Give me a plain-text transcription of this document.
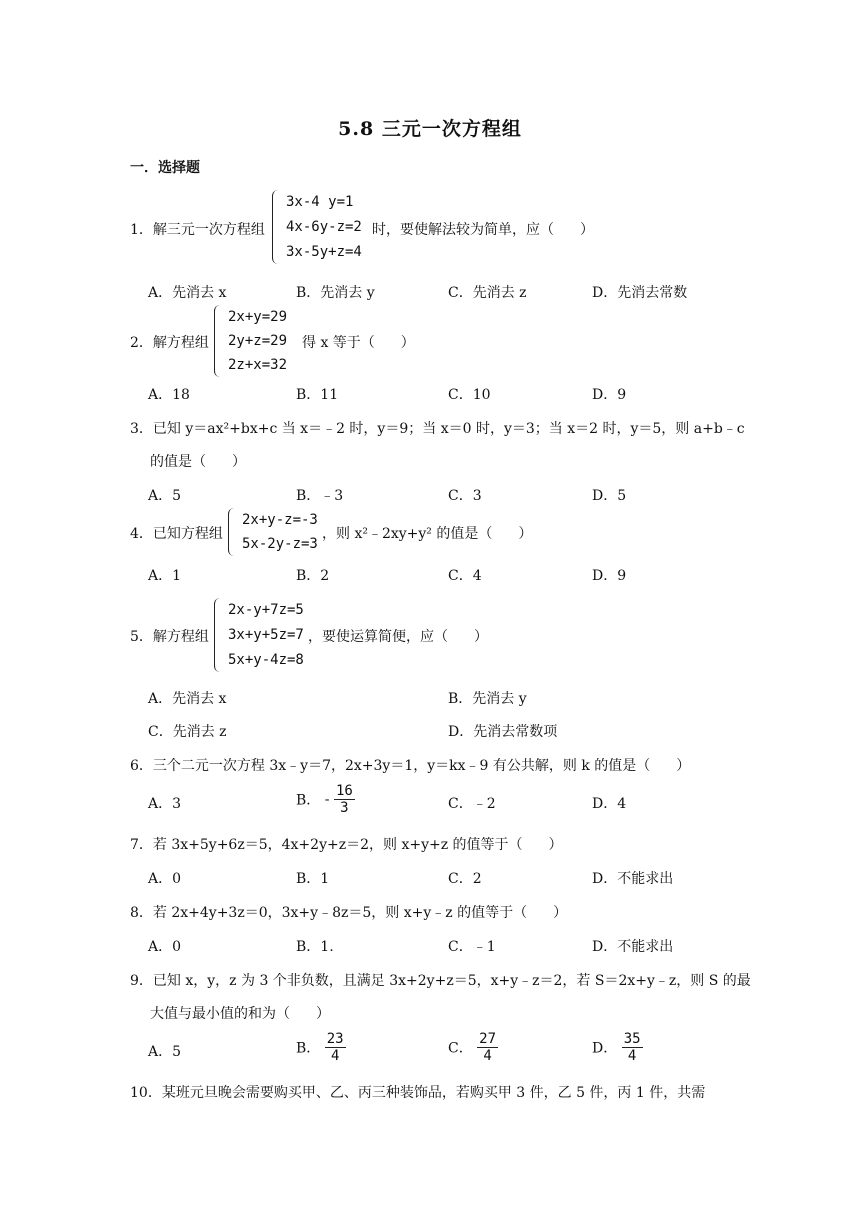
5.8 三元一次方程组
一．选择题
1．解三元一次方程组
3x-4 y=1
4x-6y-z=2
3x-5y+z=4
时，要使解法较为简单，应（ ）
A．先消去 x	B．先消去 y	C．先消去 z	D．先消去常数
2．解方程组
2x+y=29
2y+z=29
2z+x=32
得 x 等于（ ）
A．18	B．11	C．10	D．9
3．已知 y＝ax²+bx+c 当 x＝﹣2 时，y＝9；当 x＝0 时，y＝3；当 x＝2 时，y＝5，则 a+b﹣c
的值是（ ）
A．5	B．﹣3	C．3	D．5
4．已知方程组
2x+y-z=-3
5x-2y-z=3
，则 x²﹣2xy+y² 的值是（ ）
A．1	B．2	C．4	D．9
5．解方程组
2x-y+7z=5
3x+y+5z=7
5x+y-4z=8
，要使运算简便，应（ ）
A．先消去 x	B．先消去 y
C．先消去 z	D．先消去常数项
6．三个二元一次方程 3x﹣y＝7，2x+3y＝1，y＝kx﹣9 有公共解，则 k 的值是（ ）
A．3	B． - $\frac{16}{3}$	C．﹣2	D．4
7．若 3x+5y+6z＝5，4x+2y+z＝2，则 x+y+z 的值等于（ ）
A．0	B．1	C．2	D．不能求出
8．若 2x+4y+3z＝0，3x+y﹣8z＝5，则 x+y﹣z 的值等于（ ）
A．0	B．1.	C．﹣1	D．不能求出
9．已知 x，y，z 为 3 个非负数，且满足 3x+2y+z＝5，x+y﹣z＝2，若 S＝2x+y﹣z，则 S 的最
大值与最小值的和为（ ）
A．5	B． $\frac{23}{4}$	C． $\frac{27}{4}$	D． $\frac{35}{4}$
10．某班元旦晚会需要购买甲、乙、丙三种装饰品，若购买甲 3 件，乙 5 件，丙 1 件，共需
